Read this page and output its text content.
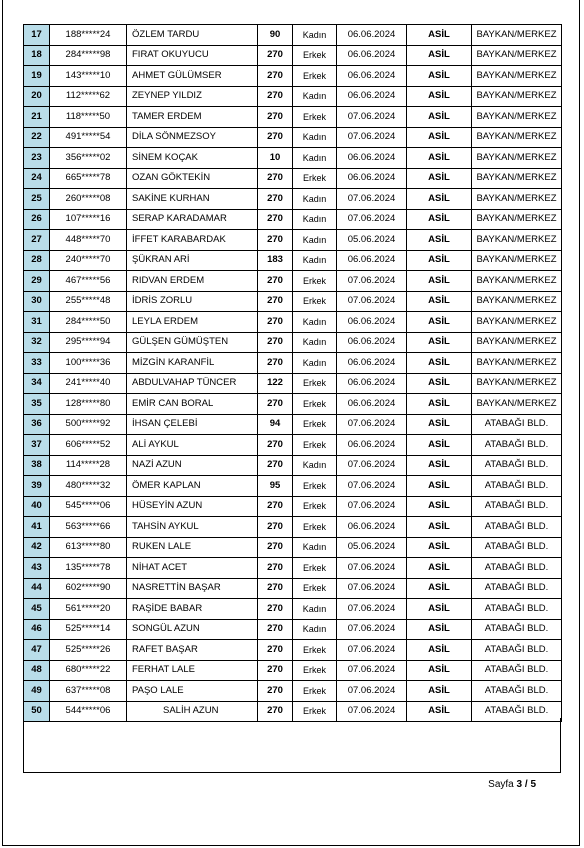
17	188*****24	ÖZLEM TARDU	90	Kadın	06.06.2024	ASİL	BAYKAN/MERKEZ
18	284*****98	FIRAT OKUYUCU	270	Erkek	06.06.2024	ASİL	BAYKAN/MERKEZ
19	143*****10	AHMET GÜLÜMSER	270	Erkek	06.06.2024	ASİL	BAYKAN/MERKEZ
20	112*****62	ZEYNEP YILDIZ	270	Kadın	06.06.2024	ASİL	BAYKAN/MERKEZ
21	118*****50	TAMER ERDEM	270	Erkek	07.06.2024	ASİL	BAYKAN/MERKEZ
22	491*****54	DİLA SÖNMEZSOY	270	Kadın	07.06.2024	ASİL	BAYKAN/MERKEZ
23	356*****02	SİNEM KOÇAK	10	Kadın	06.06.2024	ASİL	BAYKAN/MERKEZ
24	665*****78	OZAN GÖKTEKİN	270	Erkek	06.06.2024	ASİL	BAYKAN/MERKEZ
25	260*****08	SAKİNE KURHAN	270	Kadın	07.06.2024	ASİL	BAYKAN/MERKEZ
26	107*****16	SERAP KARADAMAR	270	Kadın	07.06.2024	ASİL	BAYKAN/MERKEZ
27	448*****70	İFFET KARABARDAK	270	Kadın	05.06.2024	ASİL	BAYKAN/MERKEZ
28	240*****70	ŞÜKRAN ARİ	183	Kadın	06.06.2024	ASİL	BAYKAN/MERKEZ
29	467*****56	RIDVAN ERDEM	270	Erkek	07.06.2024	ASİL	BAYKAN/MERKEZ
30	255*****48	İDRİS ZORLU	270	Erkek	07.06.2024	ASİL	BAYKAN/MERKEZ
31	284*****50	LEYLA ERDEM	270	Kadın	06.06.2024	ASİL	BAYKAN/MERKEZ
32	295*****94	GÜLŞEN GÜMÜŞTEN	270	Kadın	06.06.2024	ASİL	BAYKAN/MERKEZ
33	100*****36	MİZGİN KARANFİL	270	Kadın	06.06.2024	ASİL	BAYKAN/MERKEZ
34	241*****40	ABDULVAHAP TÜNCER	122	Erkek	06.06.2024	ASİL	BAYKAN/MERKEZ
35	128*****80	EMİR CAN BORAL	270	Erkek	06.06.2024	ASİL	BAYKAN/MERKEZ
36	500*****92	İHSAN ÇELEBİ	94	Erkek	07.06.2024	ASİL	ATABAĞI BLD.
37	606*****52	ALİ AYKUL	270	Erkek	06.06.2024	ASİL	ATABAĞI BLD.
38	114*****28	NAZİ AZUN	270	Kadın	07.06.2024	ASİL	ATABAĞI BLD.
39	480*****32	ÖMER KAPLAN	95	Erkek	07.06.2024	ASİL	ATABAĞI BLD.
40	545*****06	HÜSEYİN AZUN	270	Erkek	07.06.2024	ASİL	ATABAĞI BLD.
41	563*****66	TAHSİN AYKUL	270	Erkek	06.06.2024	ASİL	ATABAĞI BLD.
42	613*****80	RUKEN LALE	270	Kadın	05.06.2024	ASİL	ATABAĞI BLD.
43	135*****78	NİHAT ACET	270	Erkek	07.06.2024	ASİL	ATABAĞI BLD.
44	602*****90	NASRETTİN BAŞAR	270	Erkek	07.06.2024	ASİL	ATABAĞI BLD.
45	561*****20	RAŞİDE BABAR	270	Kadın	07.06.2024	ASİL	ATABAĞI BLD.
46	525*****14	SONGÜL AZUN	270	Kadın	07.06.2024	ASİL	ATABAĞI BLD.
47	525*****26	RAFET BAŞAR	270	Erkek	07.06.2024	ASİL	ATABAĞI BLD.
48	680*****22	FERHAT LALE	270	Erkek	07.06.2024	ASİL	ATABAĞI BLD.
49	637*****08	PAŞO LALE	270	Erkek	07.06.2024	ASİL	ATABAĞI BLD.
50	544*****06	SALİH AZUN	270	Erkek	07.06.2024	ASİL	ATABAĞI BLD.
Sayfa 3 / 5
